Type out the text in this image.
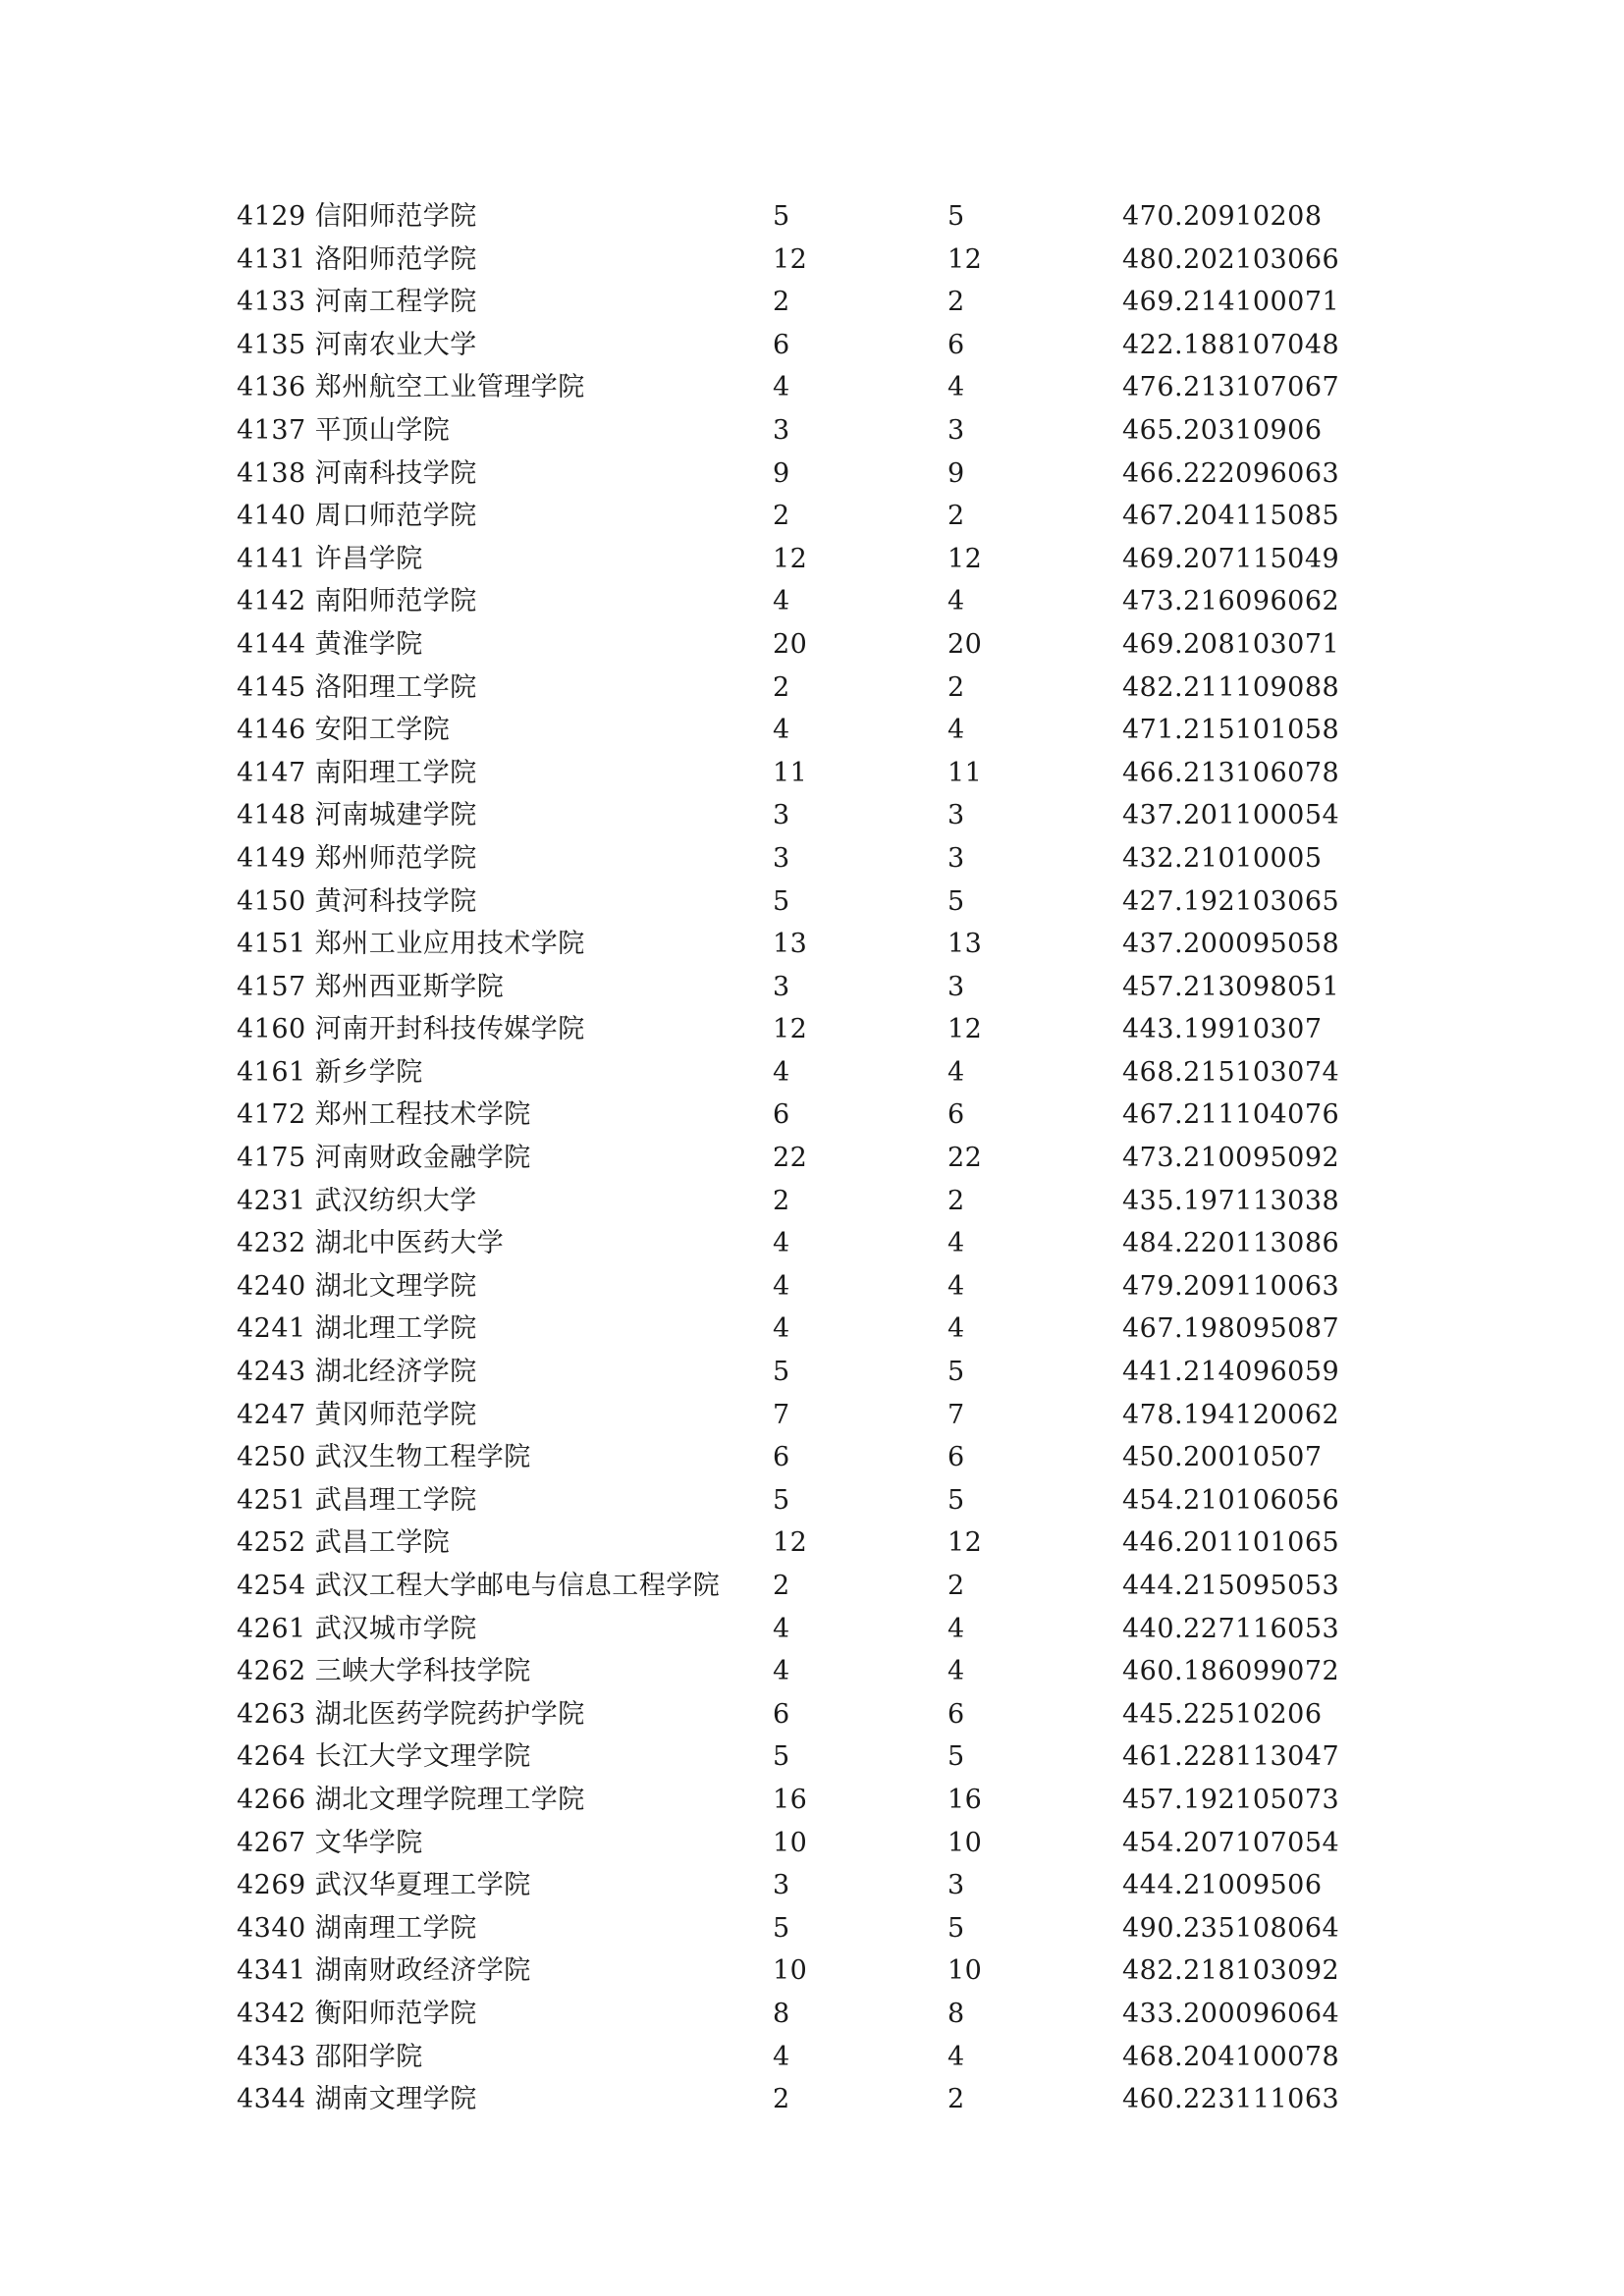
4129 信阳师范学院	5	5	470.20910208
4131 洛阳师范学院	12	12	480.202103066
4133 河南工程学院	2	2	469.214100071
4135 河南农业大学	6	6	422.188107048
4136 郑州航空工业管理学院	4	4	476.213107067
4137 平顶山学院	3	3	465.20310906
4138 河南科技学院	9	9	466.222096063
4140 周口师范学院	2	2	467.204115085
4141 许昌学院	12	12	469.207115049
4142 南阳师范学院	4	4	473.216096062
4144 黄淮学院	20	20	469.208103071
4145 洛阳理工学院	2	2	482.211109088
4146 安阳工学院	4	4	471.215101058
4147 南阳理工学院	11	11	466.213106078
4148 河南城建学院	3	3	437.201100054
4149 郑州师范学院	3	3	432.21010005
4150 黄河科技学院	5	5	427.192103065
4151 郑州工业应用技术学院	13	13	437.200095058
4157 郑州西亚斯学院	3	3	457.213098051
4160 河南开封科技传媒学院	12	12	443.19910307
4161 新乡学院	4	4	468.215103074
4172 郑州工程技术学院	6	6	467.211104076
4175 河南财政金融学院	22	22	473.210095092
4231 武汉纺织大学	2	2	435.197113038
4232 湖北中医药大学	4	4	484.220113086
4240 湖北文理学院	4	4	479.209110063
4241 湖北理工学院	4	4	467.198095087
4243 湖北经济学院	5	5	441.214096059
4247 黄冈师范学院	7	7	478.194120062
4250 武汉生物工程学院	6	6	450.20010507
4251 武昌理工学院	5	5	454.210106056
4252 武昌工学院	12	12	446.201101065
4254 武汉工程大学邮电与信息工程学院	2	2	444.215095053
4261 武汉城市学院	4	4	440.227116053
4262 三峡大学科技学院	4	4	460.186099072
4263 湖北医药学院药护学院	6	6	445.22510206
4264 长江大学文理学院	5	5	461.228113047
4266 湖北文理学院理工学院	16	16	457.192105073
4267 文华学院	10	10	454.207107054
4269 武汉华夏理工学院	3	3	444.21009506
4340 湖南理工学院	5	5	490.235108064
4341 湖南财政经济学院	10	10	482.218103092
4342 衡阳师范学院	8	8	433.200096064
4343 邵阳学院	4	4	468.204100078
4344 湖南文理学院	2	2	460.223111063
